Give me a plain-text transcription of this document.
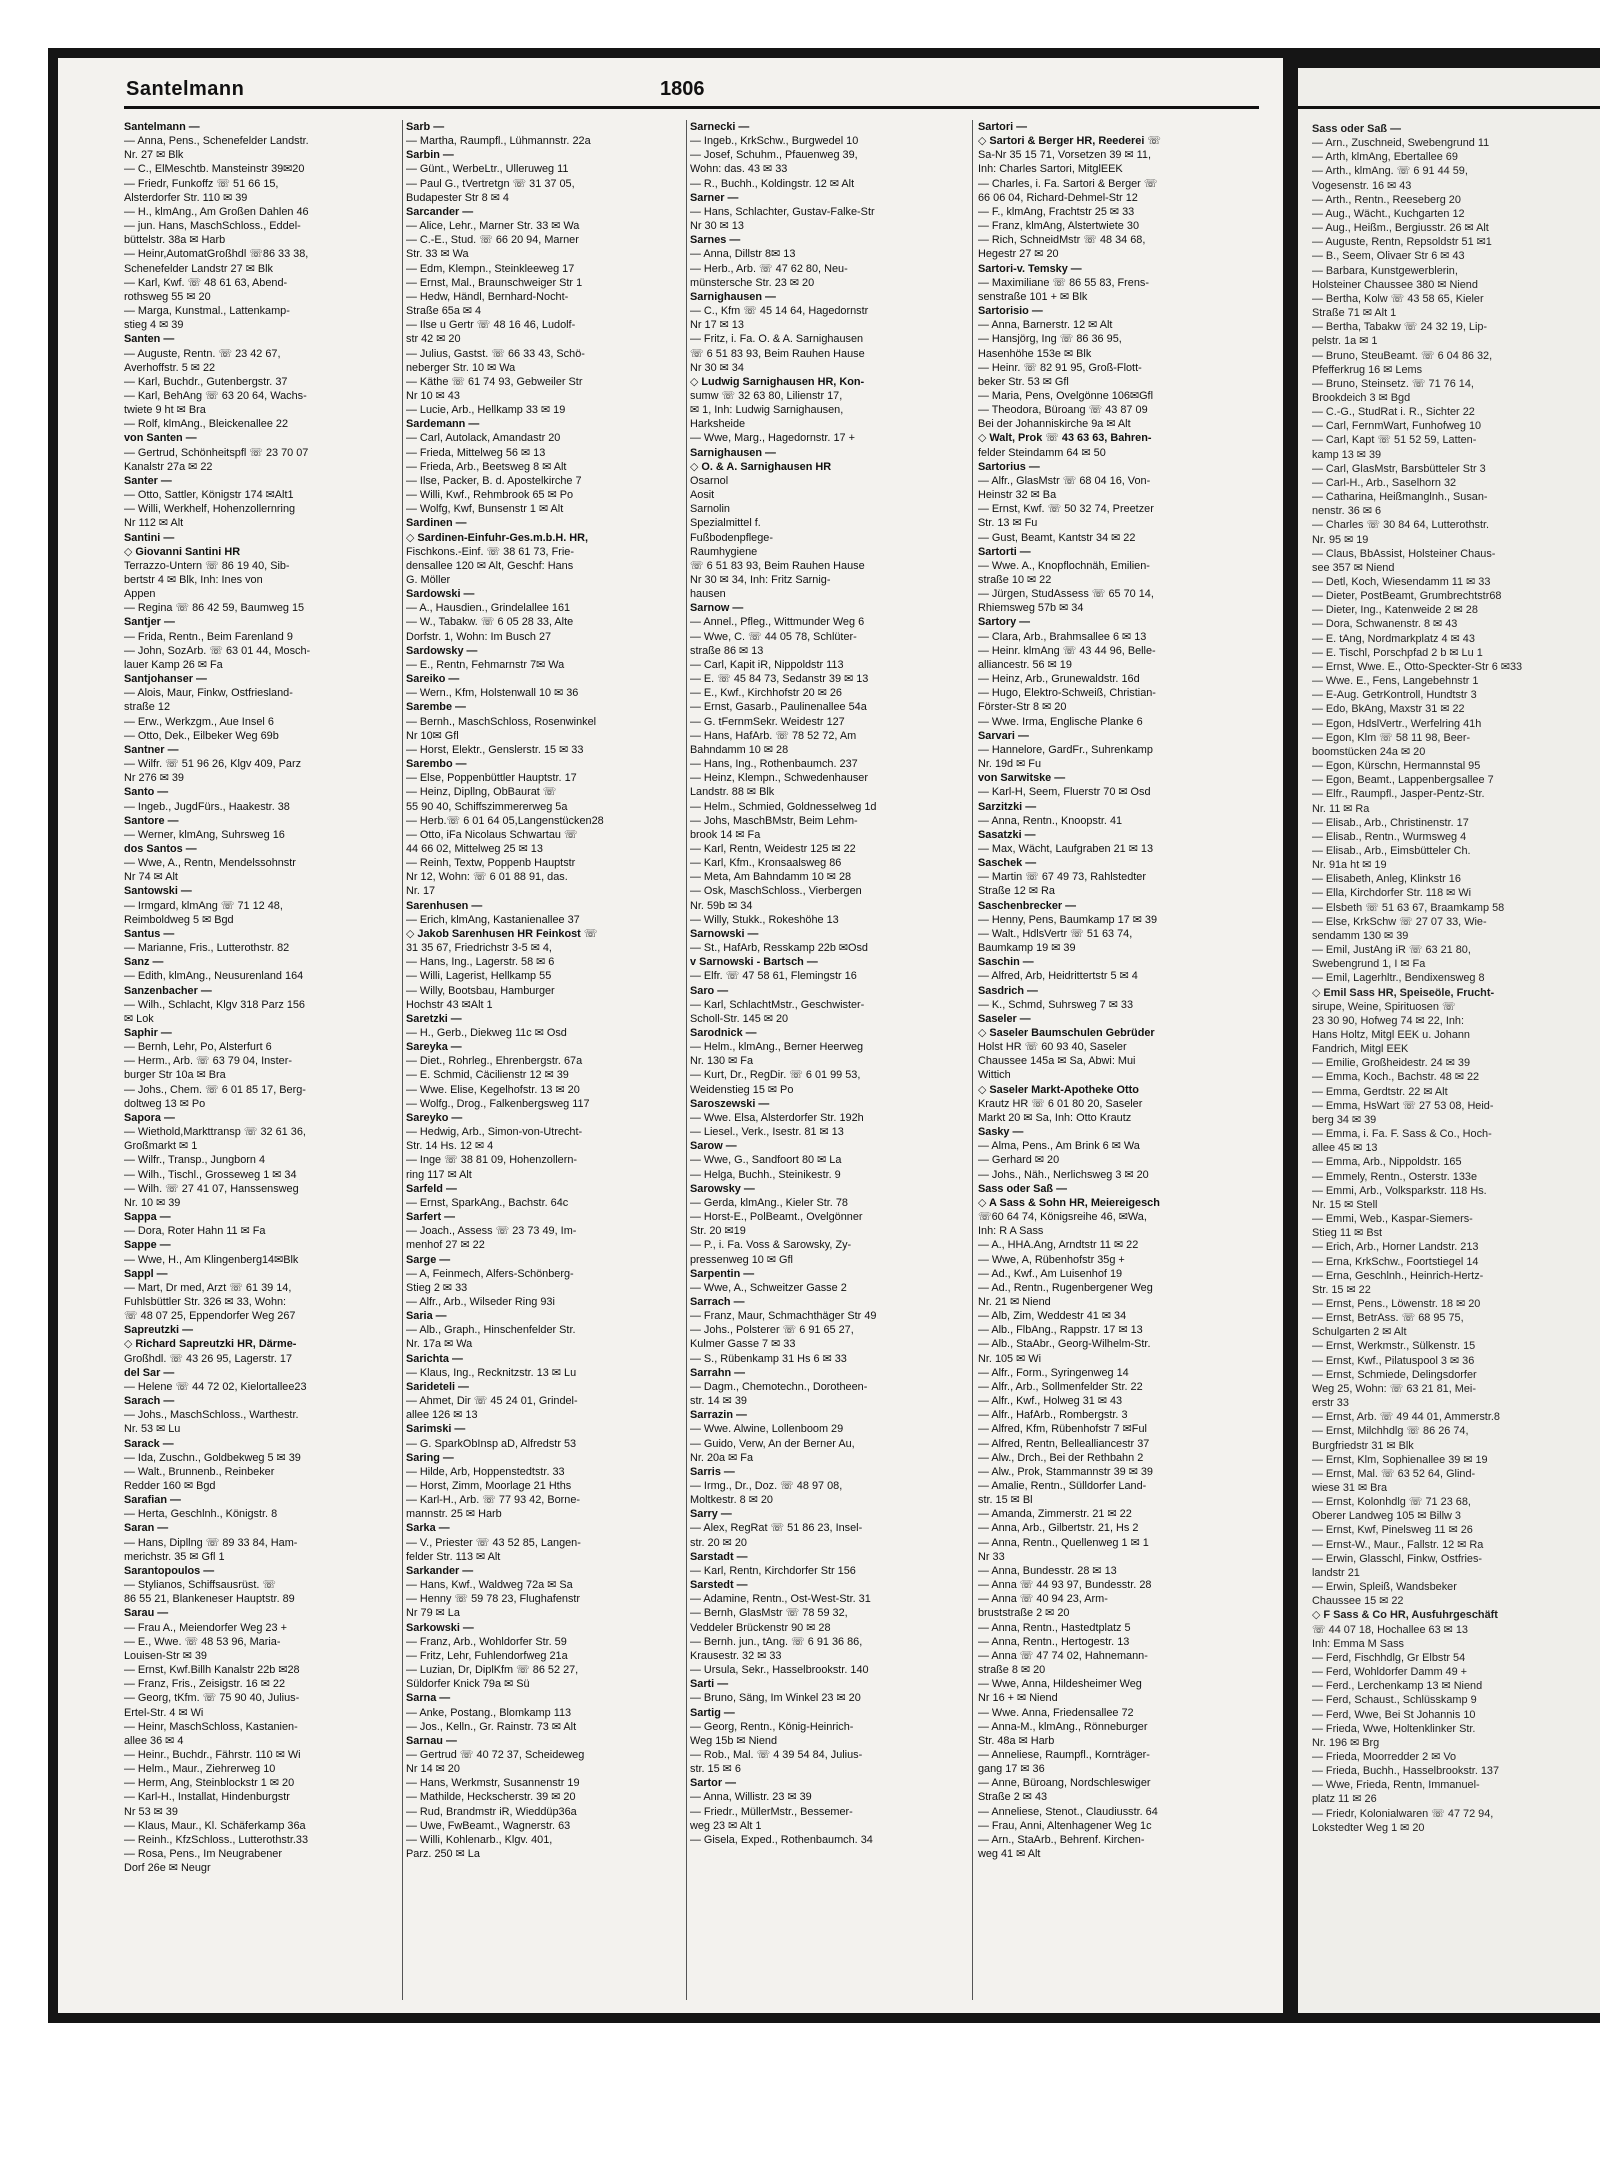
Santelmann	1806
Santelmann —
— Anna, Pens., Schenefelder Landstr.
Nr. 27 ✉ Blk
— C., ElMeschtb. Mansteinstr 39✉20
— Friedr, Funkoffz ☏ 51 66 15,
Alsterdorfer Str. 110 ✉ 39
— H., klmAng., Am Großen Dahlen 46
— jun. Hans, MaschSchloss., Eddel-
büttelstr. 38a ✉ Harb
— Heinr,AutomatGroßhdl ☏86 33 38,
Schenefelder Landstr 27 ✉ Blk
— Karl, Kwf. ☏ 48 61 63, Abend-
rothsweg 55 ✉ 20
— Marga, Kunstmal., Lattenkamp-
stieg 4 ✉ 39
Santen —
— Auguste, Rentn. ☏ 23 42 67,
Averhoffstr. 5 ✉ 22
— Karl, Buchdr., Gutenbergstr. 37
— Karl, BehAng ☏ 63 20 64, Wachs-
twiete 9 ht ✉ Bra
— Rolf, klmAng., Bleickenallee 22
von Santen —
— Gertrud, Schönheitspfl ☏ 23 70 07
Kanalstr 27a ✉ 22
Santer —
— Otto, Sattler, Königstr 174 ✉Alt1
— Willi, Werkhelf, Hohenzollernring
Nr 112 ✉ Alt
Santini —
◇ Giovanni Santini HR
Terrazzo-Untern ☏ 86 19 40, Sib-
bertstr 4 ✉ Blk, Inh: Ines von
Appen
— Regina ☏ 86 42 59, Baumweg 15
Santjer —
— Frida, Rentn., Beim Farenland 9
— John, SozArb. ☏ 63 01 44, Mosch-
lauer Kamp 26 ✉ Fa
Santjohanser —
— Alois, Maur, Finkw, Ostfriesland-
straße 12
— Erw., Werkzgm., Aue Insel 6
— Otto, Dek., Eilbeker Weg 69b
Santner —
— Wilfr. ☏ 51 96 26, Klgv 409, Parz
Nr 276 ✉ 39
Santo —
— Ingeb., JugdFürs., Haakestr. 38
Santore —
— Werner, klmAng, Suhrsweg 16
dos Santos —
— Wwe, A., Rentn, Mendelssohnstr
Nr 74 ✉ Alt
Santowski —
— Irmgard, klmAng ☏ 71 12 48,
Reimboldweg 5 ✉ Bgd
Santus —
— Marianne, Fris., Lutterothstr. 82
Sanz —
— Edith, klmAng., Neusurenland 164
Sanzenbacher —
— Wilh., Schlacht, Klgv 318 Parz 156
✉ Lok
Saphir —
— Bernh, Lehr, Po, Alsterfurt 6
— Herm., Arb. ☏ 63 79 04, Inster-
burger Str 10a ✉ Bra
— Johs., Chem. ☏ 6 01 85 17, Berg-
doltweg 13 ✉ Po
Sapora —
— Wiethold,Markttransp ☏ 32 61 36,
Großmarkt ✉ 1
— Wilfr., Transp., Jungborn 4
— Wilh., Tischl., Grosseweg 1 ✉ 34
— Wilh. ☏ 27 41 07, Hanssensweg
Nr. 10 ✉ 39
Sappa —
— Dora, Roter Hahn 11 ✉ Fa
Sappe —
— Wwe, H., Am Klingenberg14✉Blk
Sappl —
— Mart, Dr med, Arzt ☏ 61 39 14,
Fuhlsbüttler Str. 326 ✉ 33, Wohn:
☏ 48 07 25, Eppendorfer Weg 267
Sapreutzki —
◇ Richard Sapreutzki HR, Därme-
Großhdl. ☏ 43 26 95, Lagerstr. 17
del Sar —
— Helene ☏ 44 72 02, Kielortallee23
Sarach —
— Johs., MaschSchloss., Warthestr.
Nr. 53 ✉ Lu
Sarack —
— Ida, Zuschn., Goldbekweg 5 ✉ 39
— Walt., Brunnenb., Reinbeker
Redder 160 ✉ Bgd
Sarafian —
— Herta, Geschlnh., Königstr. 8
Saran —
— Hans, Dipllng ☏ 89 33 84, Ham-
merichstr. 35 ✉ Gfl 1
Sarantopoulos —
— Stylianos, Schiffsausrüst. ☏
86 55 21, Blankeneser Hauptstr. 89
Sarau —
— Frau A., Meiendorfer Weg 23 +
— E., Wwe. ☏ 48 53 96, Maria-
Louisen-Str ✉ 39
— Ernst, Kwf.Billh Kanalstr 22b ✉28
— Franz, Fris., Zeisigstr. 16 ✉ 22
— Georg, tKfm. ☏ 75 90 40, Julius-
Ertel-Str. 4 ✉ Wi
— Heinr, MaschSchloss, Kastanien-
allee 36 ✉ 4
— Heinr., Buchdr., Fährstr. 110 ✉ Wi
— Helm., Maur., Ziehrerweg 10
— Herm, Ang, Steinblockstr 1 ✉ 20
— Karl-H., Installat, Hindenburgstr
Nr 53 ✉ 39
— Klaus, Maur., Kl. Schäferkamp 36a
— Reinh., KfzSchloss., Lutterothstr.33
— Rosa, Pens., Im Neugrabener
Dorf 26e ✉ Neugr
Sarb —
— Martha, Raumpfl., Lühmannstr. 22a
Sarbin —
— Günt., WerbeLtr., Ulleruweg 11
— Paul G., tVertretgn ☏ 31 37 05,
Budapester Str 8 ✉ 4
Sarcander —
— Alice, Lehr., Marner Str. 33 ✉ Wa
— C.-E., Stud. ☏ 66 20 94, Marner
Str. 33 ✉ Wa
— Edm, Klempn., Steinkleeweg 17
— Ernst, Mal., Braunschweiger Str 1
— Hedw, Händl, Bernhard-Nocht-
Straße 65a ✉ 4
— Ilse u Gertr ☏ 48 16 46, Ludolf-
str 42 ✉ 20
— Julius, Gastst. ☏ 66 33 43, Schö-
neberger Str. 10 ✉ Wa
— Käthe ☏ 61 74 93, Gebweiler Str
Nr 10 ✉ 43
— Lucie, Arb., Hellkamp 33 ✉ 19
Sardemann —
— Carl, Autolack, Amandastr 20
— Frieda, Mittelweg 56 ✉ 13
— Frieda, Arb., Beetsweg 8 ✉ Alt
— Ilse, Packer, B. d. Apostelkirche 7
— Willi, Kwf., Rehmbrook 65 ✉ Po
— Wolfg, Kwf, Bunsenstr 1 ✉ Alt
Sardinen —
◇ Sardinen-Einfuhr-Ges.m.b.H. HR,
Fischkons.-Einf. ☏ 38 61 73, Frie-
densallee 120 ✉ Alt, Geschf: Hans
G. Möller
Sardowski —
— A., Hausdien., Grindelallee 161
— W., Tabakw. ☏ 6 05 28 33, Alte
Dorfstr. 1, Wohn: Im Busch 27
Sardowsky —
— E., Rentn, Fehmarnstr 7✉ Wa
Sareiko —
— Wern., Kfm, Holstenwall 10 ✉ 36
Sarembe —
— Bernh., MaschSchloss, Rosenwinkel
Nr 10✉ Gfl
— Horst, Elektr., Genslerstr. 15 ✉ 33
Sarembo —
— Else, Poppenbüttler Hauptstr. 17
— Heinz, Dipllng, ObBaurat ☏
55 90 40, Schiffszimmererweg 5a
— Herb.☏ 6 01 64 05,Langenstücken28
— Otto, iFa Nicolaus Schwartau ☏
44 66 02, Mittelweg 25 ✉ 13
— Reinh, Textw, Poppenb Hauptstr
Nr 12, Wohn: ☏ 6 01 88 91, das.
Nr. 17
Sarenhusen —
— Erich, klmAng, Kastanienallee 37
◇ Jakob Sarenhusen HR Feinkost ☏
31 35 67, Friedrichstr 3-5 ✉ 4,
— Hans, Ing., Lagerstr. 58 ✉ 6
— Willi, Lagerist, Hellkamp 55
— Willy, Bootsbau, Hamburger
Hochstr 43 ✉Alt 1
Saretzki —
— H., Gerb., Diekweg 11c ✉ Osd
Sareyka —
— Diet., Rohrleg., Ehrenbergstr. 67a
— E. Schmid, Cäcilienstr 12 ✉ 39
— Wwe. Elise, Kegelhofstr. 13 ✉ 20
— Wolfg., Drog., Falkenbergsweg 117
Sareyko —
— Hedwig, Arb., Simon-von-Utrecht-
Str. 14 Hs. 12 ✉ 4
— Inge ☏ 38 81 09, Hohenzollern-
ring 117 ✉ Alt
Sarfeld —
— Ernst, SparkAng., Bachstr. 64c
Sarfert —
— Joach., Assess ☏ 23 73 49, Im-
menhof 27 ✉ 22
Sarge —
— A, Feinmech, Alfers-Schönberg-
Stieg 2 ✉ 33
— Alfr., Arb., Wilseder Ring 93i
Saria —
— Alb., Graph., Hinschenfelder Str.
Nr. 17a ✉ Wa
Sarichta —
— Klaus, Ing., Recknitzstr. 13 ✉ Lu
Sarideteli —
— Ahmet, Dir ☏ 45 24 01, Grindel-
allee 126 ✉ 13
Sarimski —
— G. SparkObInsp aD, Alfredstr 53
Saring —
— Hilde, Arb, Hoppenstedtstr. 33
— Horst, Zimm, Moorlage 21 Hths
— Karl-H., Arb. ☏ 77 93 42, Borne-
mannstr. 25 ✉ Harb
Sarka —
— V., Priester ☏ 43 52 85, Langen-
felder Str. 113 ✉ Alt
Sarkander —
— Hans, Kwf., Waldweg 72a ✉ Sa
— Henny ☏ 59 78 23, Flughafenstr
Nr 79 ✉ La
Sarkowski —
— Franz, Arb., Wohldorfer Str. 59
— Fritz, Lehr, Fuhlendorfweg 21a
— Luzian, Dr, DiplKfm ☏ 86 52 27,
Süldorfer Knick 79a ✉ Sü
Sarna —
— Anke, Postang., Blomkamp 113
— Jos., Kelln., Gr. Rainstr. 73 ✉ Alt
Sarnau —
— Gertrud ☏ 40 72 37, Scheideweg
Nr 14 ✉ 20
— Hans, Werkmstr, Susannenstr 19
— Mathilde, Heckscherstr. 39 ✉ 20
— Rud, Brandmstr iR, Wieddüp36a
— Uwe, FwBeamt., Wagnerstr. 63
— Willi, Kohlenarb., Klgv. 401,
Parz. 250 ✉ La
Sarnecki —
— Ingeb., KrkSchw., Burgwedel 10
— Josef, Schuhm., Pfauenweg 39,
Wohn: das. 43 ✉ 33
— R., Buchh., Koldingstr. 12 ✉ Alt
Sarner —
— Hans, Schlachter, Gustav-Falke-Str
Nr 30 ✉ 13
Sarnes —
— Anna, Dillstr 8✉ 13
— Herb., Arb. ☏ 47 62 80, Neu-
münstersche Str. 23 ✉ 20
Sarnighausen —
— C., Kfm ☏ 45 14 64, Hagedornstr
Nr 17 ✉ 13
— Fritz, i. Fa. O. & A. Sarnighausen
☏ 6 51 83 93, Beim Rauhen Hause
Nr 30 ✉ 34
◇ Ludwig Sarnighausen HR, Kon-
sumw ☏ 32 63 80, Lilienstr 17,
✉ 1, Inh: Ludwig Sarnighausen,
Harksheide
— Wwe, Marg., Hagedornstr. 17 +
Sarnighausen —
◇ O. & A. Sarnighausen HR
Osarnol
Aosit
Sarnolin
Spezialmittel f.
Fußbodenpflege-
Raumhygiene
☏ 6 51 83 93, Beim Rauhen Hause
Nr 30 ✉ 34, Inh: Fritz Sarnig-
hausen
Sarnow —
— Annel., Pfleg., Wittmunder Weg 6
— Wwe, C. ☏ 44 05 78, Schlüter-
straße 86 ✉ 13
— Carl, Kapit iR, Nippoldstr 113
— E. ☏ 45 84 73, Sedanstr 39 ✉ 13
— E., Kwf., Kirchhofstr 20 ✉ 26
— Ernst, Gasarb., Paulinenallee 54a
— G. tFernmSekr. Weidestr 127
— Hans, HafArb. ☏ 78 52 72, Am
Bahndamm 10 ✉ 28
— Hans, Ing., Rothenbaumch. 237
— Heinz, Klempn., Schwedenhauser
Landstr. 88 ✉ Blk
— Helm., Schmied, Goldnesselweg 1d
— Johs, MaschBMstr, Beim Lehm-
brook 14 ✉ Fa
— Karl, Rentn, Weidestr 125 ✉ 22
— Karl, Kfm., Kronsaalsweg 86
— Meta, Am Bahndamm 10 ✉ 28
— Osk, MaschSchloss., Vierbergen
Nr. 59b ✉ 34
— Willy, Stukk., Rokeshöhe 13
Sarnowski —
— St., HafArb, Resskamp 22b ✉Osd
v Sarnowski - Bartsch —
— Elfr. ☏ 47 58 61, Flemingstr 16
Saro —
— Karl, SchlachtMstr., Geschwister-
Scholl-Str. 145 ✉ 20
Sarodnick —
— Helm., klmAng., Berner Heerweg
Nr. 130 ✉ Fa
— Kurt, Dr., RegDir. ☏ 6 01 99 53,
Weidenstieg 15 ✉ Po
Saroszewski —
— Wwe. Elsa, Alsterdorfer Str. 192h
— Liesel., Verk., Isestr. 81 ✉ 13
Sarow —
— Wwe, G., Sandfoort 80 ✉ La
— Helga, Buchh., Steinikestr. 9
Sarowsky —
— Gerda, klmAng., Kieler Str. 78
— Horst-E., PolBeamt., Ovelgönner
Str. 20 ✉19
— P., i. Fa. Voss & Sarowsky, Zy-
pressenweg 10 ✉ Gfl
Sarpentin —
— Wwe, A., Schweitzer Gasse 2
Sarrach —
— Franz, Maur, Schmachthäger Str 49
— Johs., Polsterer ☏ 6 91 65 27,
Kulmer Gasse 7 ✉ 33
— S., Rübenkamp 31 Hs 6 ✉ 33
Sarrahn —
— Dagm., Chemotechn., Dorotheen-
str. 14 ✉ 39
Sarrazin —
— Wwe. Alwine, Lollenboom 29
— Guido, Verw, An der Berner Au,
Nr. 20a ✉ Fa
Sarris —
— Irmg., Dr., Doz. ☏ 48 97 08,
Moltkestr. 8 ✉ 20
Sarry —
— Alex, RegRat ☏ 51 86 23, Insel-
str. 20 ✉ 20
Sarstadt —
— Karl, Rentn, Kirchdorfer Str 156
Sarstedt —
— Adamine, Rentn., Ost-West-Str. 31
— Bernh, GlasMstr ☏ 78 59 32,
Veddeler Brückenstr 90 ✉ 28
— Bernh. jun., tAng. ☏ 6 91 36 86,
Krausestr. 32 ✉ 33
— Ursula, Sekr., Hasselbrookstr. 140
Sarti —
— Bruno, Säng, Im Winkel 23 ✉ 20
Sartig —
— Georg, Rentn., König-Heinrich-
Weg 15b ✉ Niend
— Rob., Mal. ☏ 4 39 54 84, Julius-
str. 15 ✉ 6
Sartor —
— Anna, Willistr. 23 ✉ 39
— Friedr., MüllerMstr., Bessemer-
weg 23 ✉ Alt 1
— Gisela, Exped., Rothenbaumch. 34
Sartori —
◇ Sartori & Berger HR, Reederei ☏
Sa-Nr 35 15 71, Vorsetzen 39 ✉ 11,
Inh: Charles Sartori, MitglEEK
— Charles, i. Fa. Sartori & Berger ☏
66 06 04, Richard-Dehmel-Str 12
— F., klmAng, Frachtstr 25 ✉ 33
— Franz, klmAng, Alstertwiete 30
— Rich, SchneidMstr ☏ 48 34 68,
Hegestr 27 ✉ 20
Sartori-v. Temsky —
— Maximiliane ☏ 86 55 83, Frens-
senstraße 101 + ✉ Blk
Sartorisio —
— Anna, Barnerstr. 12 ✉ Alt
— Hansjörg, Ing ☏ 86 36 95,
Hasenhöhe 153e ✉ Blk
— Heinr. ☏ 82 91 95, Groß-Flott-
beker Str. 53 ✉ Gfl
— Maria, Pens, Ovelgönne 106✉Gfl
— Theodora, Büroang ☏ 43 87 09
Bei der Johanniskirche 9a ✉ Alt
◇ Walt, Prok ☏ 43 63 63, Bahren-
felder Steindamm 64 ✉ 50
Sartorius —
— Alfr., GlasMstr ☏ 68 04 16, Von-
Heinstr 32 ✉ Ba
— Ernst, Kwf. ☏ 50 32 74, Preetzer
Str. 13 ✉ Fu
— Gust, Beamt, Kantstr 34 ✉ 22
Sartorti —
— Wwe. A., Knopflochnäh, Emilien-
straße 10 ✉ 22
— Jürgen, StudAssess ☏ 65 70 14,
Rhiemsweg 57b ✉ 34
Sartory —
— Clara, Arb., Brahmsallee 6 ✉ 13
— Heinr. klmAng ☏ 43 44 96, Belle-
alliancestr. 56 ✉ 19
— Heinz, Arb., Grunewaldstr. 16d
— Hugo, Elektro-Schweiß, Christian-
Förster-Str 8 ✉ 20
— Wwe. Irma, Englische Planke 6
Sarvari —
— Hannelore, GardFr., Suhrenkamp
Nr. 19d ✉ Fu
von Sarwitske —
— Karl-H, Seem, Fluerstr 70 ✉ Osd
Sarzitzki —
— Anna, Rentn., Knoopstr. 41
Sasatzki —
— Max, Wächt, Laufgraben 21 ✉ 13
Saschek —
— Martin ☏ 67 49 73, Rahlstedter
Straße 12 ✉ Ra
Saschenbrecker —
— Henny, Pens, Baumkamp 17 ✉ 39
— Walt., HdlsVertr ☏ 51 63 74,
Baumkamp 19 ✉ 39
Saschin —
— Alfred, Arb, Heidrittertstr 5 ✉ 4
Sasdrich —
— K., Schmd, Suhrsweg 7 ✉ 33
Saseler —
◇ Saseler Baumschulen Gebrüder
Holst HR ☏ 60 93 40, Saseler
Chaussee 145a ✉ Sa, Abwi: Mui
Wittich
◇ Saseler Markt-Apotheke Otto
Krautz HR ☏ 6 01 80 20, Saseler
Markt 20 ✉ Sa, Inh: Otto Krautz
Sasky —
— Alma, Pens., Am Brink 6 ✉ Wa
— Gerhard ✉ 20
— Johs., Näh., Nerlichsweg 3 ✉ 20
Sass oder Saß —
◇ A Sass & Sohn HR, Meiereigesch
☏60 64 74, Königsreihe 46, ✉Wa,
Inh: R A Sass
— A., HHA.Ang, Arndtstr 11 ✉ 22
— Wwe, A, Rübenhofstr 35g +
— Ad., Kwf., Am Luisenhof 19
— Ad., Rentn., Rugenbergener Weg
Nr. 21 ✉ Niend
— Alb, Zim, Weddestr 41 ✉ 34
— Alb., FlbAng., Rappstr. 17 ✉ 13
— Alb., StaAbr., Georg-Wilhelm-Str.
Nr. 105 ✉ Wi
— Alfr., Form., Syringenweg 14
— Alfr., Arb., Sollmenfelder Str. 22
— Alfr., Kwf., Holweg 31 ✉ 43
— Alfr., HafArb., Rombergstr. 3
— Alfred, Kfm, Rübenhofstr 7 ✉Ful
— Alfred, Rentn, Bellealliancestr 37
— Alw., Drch., Bei der Rethbahn 2
— Alw., Prok, Stammannstr 39 ✉ 39
— Amalie, Rentn., Sülldorfer Land-
str. 15 ✉ Bl
— Amanda, Zimmerstr. 21 ✉ 22
— Anna, Arb., Gilbertstr. 21, Hs 2
— Anna, Rentn., Quellenweg 1 ✉ 1
Nr 33
— Anna, Bundesstr. 28 ✉ 13
— Anna ☏ 44 93 97, Bundesstr. 28
— Anna ☏ 40 94 23, Arm-
bruststraße 2 ✉ 20
— Anna, Rentn., Hastedtplatz 5
— Anna, Rentn., Hertogestr. 13
— Anna ☏ 47 74 02, Hahnemann-
straße 8 ✉ 20
— Wwe, Anna, Hildesheimer Weg
Nr 16 + ✉ Niend
— Wwe. Anna, Friedensallee 72
— Anna-M., klmAng., Rönneburger
Str. 48a ✉ Harb
— Anneliese, Raumpfl., Kornträger-
gang 17 ✉ 36
— Anne, Büroang, Nordschleswiger
Straße 2 ✉ 43
— Anneliese, Stenot., Claudiusstr. 64
— Frau, Anni, Altenhagener Weg 1c
— Arn., StaArb., Behrenf. Kirchen-
weg 41 ✉ Alt
Sass oder Saß —
— Arn., Zuschneid, Swebengrund 11
— Arth, klmAng, Ebertallee 69
— Arth., klmAng. ☏ 6 91 44 59,
Vogesenstr. 16 ✉ 43
— Arth., Rentn., Reeseberg 20
— Aug., Wächt., Kuchgarten 12
— Aug., Heißm., Bergiusstr. 26 ✉ Alt
— Auguste, Rentn, Repsoldstr 51 ✉1
— B., Seem, Olivaer Str 6 ✉ 43
— Barbara, Kunstgewerblerin,
Holsteiner Chaussee 380 ✉ Niend
— Bertha, Kolw ☏ 43 58 65, Kieler
Straße 71 ✉ Alt 1
— Bertha, Tabakw ☏ 24 32 19, Lip-
pelstr. 1a ✉ 1
— Bruno, SteuBeamt. ☏ 6 04 86 32,
Pfefferkrug 16 ✉ Lems
— Bruno, Steinsetz. ☏ 71 76 14,
Brookdeich 3 ✉ Bgd
— C.-G., StudRat i. R., Sichter 22
— Carl, FernmWart, Funhofweg 10
— Carl, Kapt ☏ 51 52 59, Latten-
kamp 13 ✉ 39
— Carl, GlasMstr, Barsbütteler Str 3
— Carl-H., Arb., Saselhorn 32
— Catharina, Heißmanglnh., Susan-
nenstr. 36 ✉ 6
— Charles ☏ 30 84 64, Lutterothstr.
Nr. 95 ✉ 19
— Claus, BbAssist, Holsteiner Chaus-
see 357 ✉ Niend
— Detl, Koch, Wiesendamm 11 ✉ 33
— Dieter, PostBeamt, Grumbrechtstr68
— Dieter, Ing., Katenweide 2 ✉ 28
— Dora, Schwanenstr. 8 ✉ 43
— E. tAng, Nordmarkplatz 4 ✉ 43
— E. Tischl, Porschpfad 2 b ✉ Lu 1
— Ernst, Wwe. E., Otto-Speckter-Str 6 ✉33
— Wwe. E., Fens, Langebehnstr 1
— E-Aug. GetrKontroll, Hundtstr 3
— Edo, BkAng, Maxstr 31 ✉ 22
— Egon, HdslVertr., Werfelring 41h
— Egon, Klm ☏ 58 11 98, Beer-
boomstücken 24a ✉ 20
— Egon, Kürschn, Hermannstal 95
— Egon, Beamt., Lappenbergsallee 7
— Elfr., Raumpfl., Jasper-Pentz-Str.
Nr. 11 ✉ Ra
— Elisab., Arb., Christinenstr. 17
— Elisab., Rentn., Wurmsweg 4
— Elisab., Arb., Eimsbütteler Ch.
Nr. 91a ht ✉ 19
— Elisabeth, Anleg, Klinkstr 16
— Ella, Kirchdorfer Str. 118 ✉ Wi
— Elsbeth ☏ 51 63 67, Braamkamp 58
— Else, KrkSchw ☏ 27 07 33, Wie-
sendamm 130 ✉ 39
— Emil, JustAng iR ☏ 63 21 80,
Swebengrund 1, I ✉ Fa
— Emil, Lagerhltr., Bendixensweg 8
◇ Emil Sass HR, Speiseöle, Frucht-
sirupe, Weine, Spirituosen ☏
23 30 90, Hofweg 74 ✉ 22, Inh:
Hans Holtz, Mitgl EEK u. Johann
Fandrich, Mitgl EEK
— Emilie, Großheidestr. 24 ✉ 39
— Emma, Koch., Bachstr. 48 ✉ 22
— Emma, Gerdtstr. 22 ✉ Alt
— Emma, HsWart ☏ 27 53 08, Heid-
berg 34 ✉ 39
— Emma, i. Fa. F. Sass & Co., Hoch-
allee 45 ✉ 13
— Emma, Arb., Nippoldstr. 165
— Emmely, Rentn., Osterstr. 133e
— Emmi, Arb., Volksparkstr. 118 Hs.
Nr. 15 ✉ Stell
— Emmi, Web., Kaspar-Siemers-
Stieg 11 ✉ Bst
— Erich, Arb., Horner Landstr. 213
— Erna, KrkSchw., Foortstiegel 14
— Erna, Geschlnh., Heinrich-Hertz-
Str. 15 ✉ 22
— Ernst, Pens., Löwenstr. 18 ✉ 20
— Ernst, BetrAss. ☏ 68 95 75,
Schulgarten 2 ✉ Alt
— Ernst, Werkmstr., Sülkenstr. 15
— Ernst, Kwf., Pilatuspool 3 ✉ 36
— Ernst, Schmiede, Delingsdorfer
Weg 25, Wohn: ☏ 63 21 81, Mei-
erstr 33
— Ernst, Arb. ☏ 49 44 01, Ammerstr.8
— Ernst, Milchhdlg ☏ 86 26 74,
Burgfriedstr 31 ✉ Blk
— Ernst, Klm, Sophienallee 39 ✉ 19
— Ernst, Mal. ☏ 63 52 64, Glind-
wiese 31 ✉ Bra
— Ernst, Kolonhdlg ☏ 71 23 68,
Oberer Landweg 105 ✉ Billw 3
— Ernst, Kwf, Pinelsweg 11 ✉ 26
— Ernst-W., Maur., Fallstr. 12 ✉ Ra
— Erwin, Glasschl, Finkw, Ostfries-
landstr 21
— Erwin, Spleiß, Wandsbeker
Chaussee 15 ✉ 22
◇ F Sass & Co HR, Ausfuhrgeschäft
☏ 44 07 18, Hochallee 63 ✉ 13
Inh: Emma M Sass
— Ferd, Fischhdlg, Gr Elbstr 54
— Ferd, Wohldorfer Damm 49 +
— Ferd., Lerchenkamp 13 ✉ Niend
— Ferd, Schaust., Schlüsskamp 9
— Ferd, Wwe, Bei St Johannis 10
— Frieda, Wwe, Holtenklinker Str.
Nr. 196 ✉ Brg
— Frieda, Moorredder 2 ✉ Vo
— Frieda, Buchh., Hasselbrookstr. 137
— Wwe, Frieda, Rentn, Immanuel-
platz 11 ✉ 26
— Friedr, Kolonialwaren ☏ 47 72 94,
Lokstedter Weg 1 ✉ 20
